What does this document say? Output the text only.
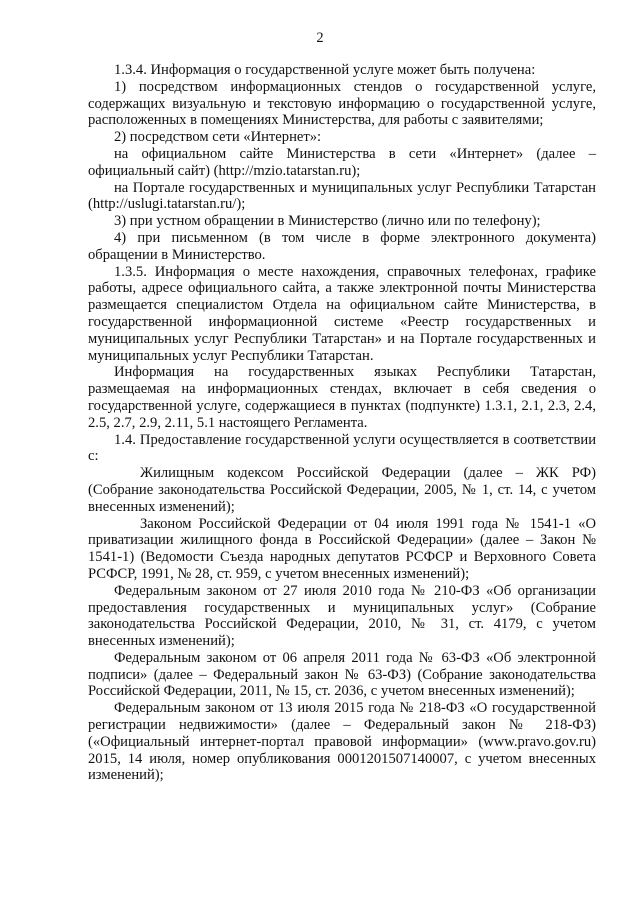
2

1.3.4. Информация о государственной услуге может быть получена:

1) посредством информационных стендов о государственной услуге, содержащих визуальную и текстовую информацию о государственной услуге, расположенных в помещениях Министерства, для работы с заявителями;

2) посредством сети «Интернет»:

на официальном сайте Министерства в сети «Интернет» (далее – официальный сайт) (http://mzio.tatarstan.ru);

на Портале государственных и муниципальных услуг Республики Татарстан (http://uslugi.tatarstan.ru/);

3) при устном обращении в Министерство (лично или по телефону);

4) при письменном (в том числе в форме электронного документа) обращении в Министерство.

1.3.5. Информация о месте нахождения, справочных телефонах, графике работы, адресе официального сайта, а также электронной почты Министерства размещается специалистом Отдела на официальном сайте Министерства, в государственной информационной системе «Реестр государственных и муниципальных услуг Республики Татарстан» и на Портале государственных и муниципальных услуг Республики Татарстан.

Информация на государственных языках Республики Татарстан, размещаемая на информационных стендах, включает в себя сведения о государственной услуге, содержащиеся в пунктах (подпункте) 1.3.1, 2.1, 2.3, 2.4, 2.5, 2.7, 2.9, 2.11, 5.1 настоящего Регламента.

1.4. Предоставление государственной услуги осуществляется в соответствии с:

Жилищным кодексом Российской Федерации (далее – ЖК РФ) (Собрание законодательства Российской Федерации, 2005, № 1, ст. 14, с учетом внесенных изменений);

Законом Российской Федерации от 04 июля 1991 года № 1541-1 «О приватизации жилищного фонда в Российской Федерации» (далее – Закон № 1541-1) (Ведомости Съезда народных депутатов РСФСР и Верховного Совета РСФСР, 1991, № 28, ст. 959, с учетом внесенных изменений);

Федеральным законом от 27 июля 2010 года № 210-ФЗ «Об организации предоставления государственных и муниципальных услуг» (Собрание законодательства Российской Федерации, 2010, № 31, ст. 4179, с учетом внесенных изменений);

Федеральным законом от 06 апреля 2011 года № 63-ФЗ «Об электронной подписи» (далее – Федеральный закон № 63-ФЗ) (Собрание законодательства Российской Федерации, 2011, № 15, ст. 2036, с учетом внесенных изменений);

Федеральным законом от 13 июля 2015 года № 218-ФЗ «О государственной регистрации недвижимости» (далее – Федеральный закон № 218-ФЗ) («Официальный интернет-портал правовой информации» (www.pravo.gov.ru) 2015, 14 июля, номер опубликования 0001201507140007, с учетом внесенных изменений);
